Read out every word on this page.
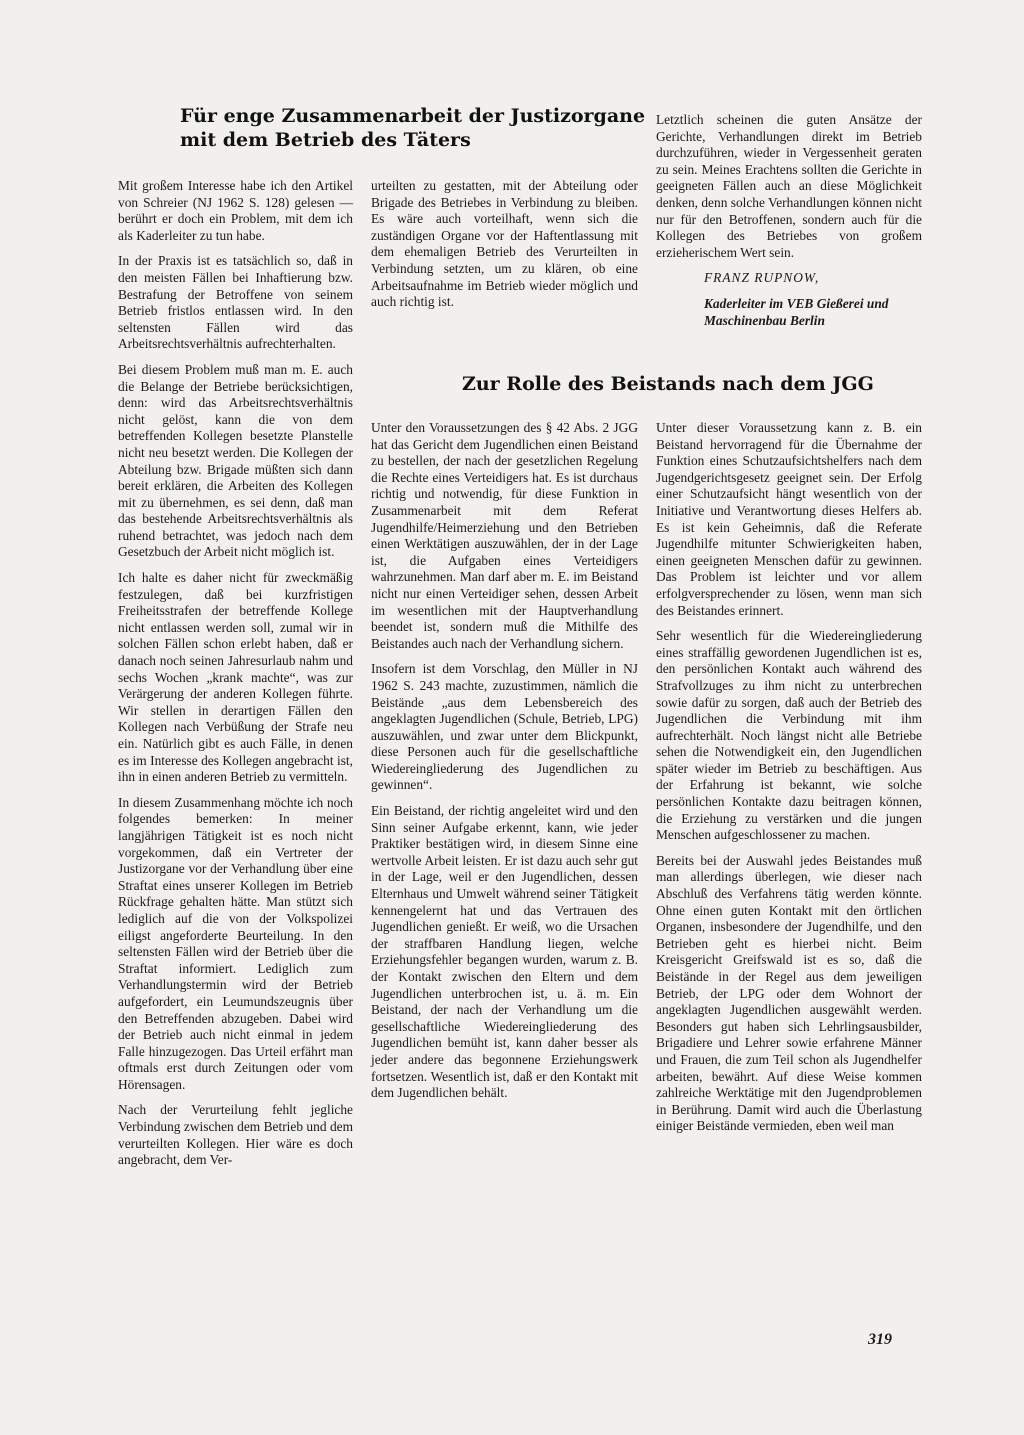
Für enge Zusammenarbeit der Justizorgane
mit dem Betrieb des Täters

Mit großem Interesse habe ich den Artikel von Schreier (NJ 1962 S. 128) gelesen — berührt er doch ein Problem, mit dem ich als Kaderleiter zu tun habe.

In der Praxis ist es tatsächlich so, daß in den meisten Fällen bei Inhaftierung bzw. Bestrafung der Betroffene von seinem Betrieb fristlos entlassen wird. In den seltensten Fällen wird das Arbeitsrechtsverhältnis aufrechterhalten.

Bei diesem Problem muß man m. E. auch die Belange der Betriebe berücksichtigen, denn: wird das Arbeitsrechtsverhältnis nicht gelöst, kann die von dem betreffenden Kollegen besetzte Planstelle nicht neu besetzt werden. Die Kollegen der Abteilung bzw. Brigade müßten sich dann bereit erklären, die Arbeiten des Kollegen mit zu übernehmen, es sei denn, daß man das bestehende Arbeitsrechtsverhältnis als ruhend betrachtet, was jedoch nach dem Gesetzbuch der Arbeit nicht möglich ist.

Ich halte es daher nicht für zweckmäßig festzulegen, daß bei kurzfristigen Freiheitsstrafen der betreffende Kollege nicht entlassen werden soll, zumal wir in solchen Fällen schon erlebt haben, daß er danach noch seinen Jahresurlaub nahm und sechs Wochen „krank machte“, was zur Verärgerung der anderen Kollegen führte. Wir stellen in derartigen Fällen den Kollegen nach Verbüßung der Strafe neu ein. Natürlich gibt es auch Fälle, in denen es im Interesse des Kollegen angebracht ist, ihn in einen anderen Betrieb zu vermitteln.

In diesem Zusammenhang möchte ich noch folgendes bemerken: In meiner langjährigen Tätigkeit ist es noch nicht vorgekommen, daß ein Vertreter der Justizorgane vor der Verhandlung über eine Straftat eines unserer Kollegen im Betrieb Rückfrage gehalten hätte. Man stützt sich lediglich auf die von der Volkspolizei eiligst angeforderte Beurteilung. In den seltensten Fällen wird der Betrieb über die Straftat informiert. Lediglich zum Verhandlungstermin wird der Betrieb aufgefordert, ein Leumundszeugnis über den Betreffenden abzugeben. Dabei wird der Betrieb auch nicht einmal in jedem Falle hinzugezogen. Das Urteil erfährt man oftmals erst durch Zeitungen oder vom Hörensagen.

Nach der Verurteilung fehlt jegliche Verbindung zwischen dem Betrieb und dem verurteilten Kollegen. Hier wäre es doch angebracht, dem Ver-

urteilten zu gestatten, mit der Abteilung oder Brigade des Betriebes in Verbindung zu bleiben. Es wäre auch vorteilhaft, wenn sich die zuständigen Organe vor der Haftentlassung mit dem ehemaligen Betrieb des Verurteilten in Verbindung setzten, um zu klären, ob eine Arbeitsaufnahme im Betrieb wieder möglich und auch richtig ist.

Letztlich scheinen die guten Ansätze der Gerichte, Verhandlungen direkt im Betrieb durchzuführen, wieder in Vergessenheit geraten zu sein. Meines Erachtens sollten die Gerichte in geeigneten Fällen auch an diese Möglichkeit denken, denn solche Verhandlungen können nicht nur für den Betroffenen, sondern auch für die Kollegen des Betriebes von großem erzieherischem Wert sein.

FRANZ RUPNOW,

Kaderleiter im VEB Gießerei und
Maschinenbau Berlin

Zur Rolle des Beistands nach dem JGG

Unter den Voraussetzungen des § 42 Abs. 2 JGG hat das Gericht dem Jugendlichen einen Beistand zu bestellen, der nach der gesetzlichen Regelung die Rechte eines Verteidigers hat. Es ist durchaus richtig und notwendig, für diese Funktion in Zusammenarbeit mit dem Referat Jugendhilfe/Heimerziehung und den Betrieben einen Werktätigen auszuwählen, der in der Lage ist, die Aufgaben eines Verteidigers wahrzunehmen. Man darf aber m. E. im Beistand nicht nur einen Verteidiger sehen, dessen Arbeit im wesentlichen mit der Hauptverhandlung beendet ist, sondern muß die Mithilfe des Beistandes auch nach der Verhandlung sichern.

Insofern ist dem Vorschlag, den Müller in NJ 1962 S. 243 machte, zuzustimmen, nämlich die Beistände „aus dem Lebensbereich des angeklagten Jugendlichen (Schule, Betrieb, LPG) auszuwählen, und zwar unter dem Blickpunkt, diese Personen auch für die gesellschaftliche Wiedereingliederung des Jugendlichen zu gewinnen“.

Ein Beistand, der richtig angeleitet wird und den Sinn seiner Aufgabe erkennt, kann, wie jeder Praktiker bestätigen wird, in diesem Sinne eine wertvolle Arbeit leisten. Er ist dazu auch sehr gut in der Lage, weil er den Jugendlichen, dessen Elternhaus und Umwelt während seiner Tätigkeit kennengelernt hat und das Vertrauen des Jugendlichen genießt. Er weiß, wo die Ursachen der straffbaren Handlung liegen, welche Erziehungsfehler begangen wurden, warum z. B. der Kontakt zwischen den Eltern und dem Jugendlichen unterbrochen ist, u. ä. m. Ein Beistand, der nach der Verhandlung um die gesellschaftliche Wiedereingliederung des Jugendlichen bemüht ist, kann daher besser als jeder andere das begonnene Erziehungswerk fortsetzen. Wesentlich ist, daß er den Kontakt mit dem Jugendlichen behält.

Unter dieser Voraussetzung kann z. B. ein Beistand hervorragend für die Übernahme der Funktion eines Schutzaufsichtshelfers nach dem Jugendgerichtsgesetz geeignet sein. Der Erfolg einer Schutzaufsicht hängt wesentlich von der Initiative und Verantwortung dieses Helfers ab. Es ist kein Geheimnis, daß die Referate Jugendhilfe mitunter Schwierigkeiten haben, einen geeigneten Menschen dafür zu gewinnen. Das Problem ist leichter und vor allem erfolgversprechender zu lösen, wenn man sich des Beistandes erinnert.

Sehr wesentlich für die Wiedereingliederung eines straffällig gewordenen Jugendlichen ist es, den persönlichen Kontakt auch während des Strafvollzuges zu ihm nicht zu unterbrechen sowie dafür zu sorgen, daß auch der Betrieb des Jugendlichen die Verbindung mit ihm aufrechterhält. Noch längst nicht alle Betriebe sehen die Notwendigkeit ein, den Jugendlichen später wieder im Betrieb zu beschäftigen. Aus der Erfahrung ist bekannt, wie solche persönlichen Kontakte dazu beitragen können, die Erziehung zu verstärken und die jungen Menschen aufgeschlossener zu machen.

Bereits bei der Auswahl jedes Beistandes muß man allerdings überlegen, wie dieser nach Abschluß des Verfahrens tätig werden könnte. Ohne einen guten Kontakt mit den örtlichen Organen, insbesondere der Jugendhilfe, und den Betrieben geht es hierbei nicht. Beim Kreisgericht Greifswald ist es so, daß die Beistände in der Regel aus dem jeweiligen Betrieb, der LPG oder dem Wohnort der angeklagten Jugendlichen ausgewählt werden. Besonders gut haben sich Lehrlingsausbilder, Brigadiere und Lehrer sowie erfahrene Männer und Frauen, die zum Teil schon als Jugendhelfer arbeiten, bewährt. Auf diese Weise kommen zahlreiche Werktätige mit den Jugendproblemen in Berührung. Damit wird auch die Überlastung einiger Beistände vermieden, eben weil man

319
